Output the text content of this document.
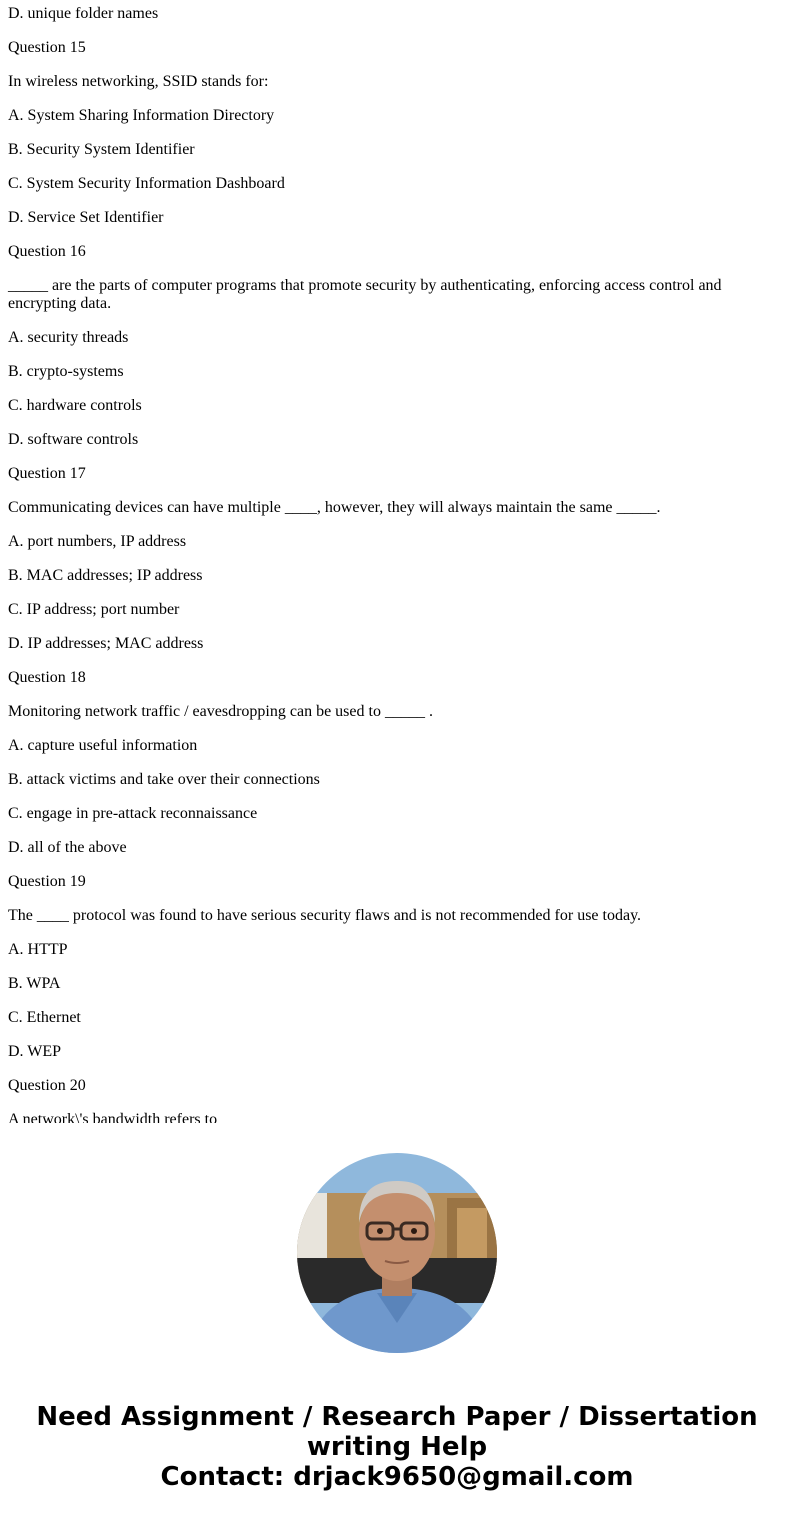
D. unique folder names

Question 15

In wireless networking, SSID stands for:

A. System Sharing Information Directory

B. Security System Identifier

C. System Security Information Dashboard

D. Service Set Identifier

Question 16

_____ are the parts of computer programs that promote security by authenticating, enforcing access control and encrypting data.

A. security threads

B. crypto-systems

C. hardware controls

D. software controls

Question 17

Communicating devices can have multiple ____, however, they will always maintain the same _____.

A. port numbers, IP address

B. MAC addresses; IP address

C. IP address; port number

D. IP addresses; MAC address

Question 18

Monitoring network traffic / eavesdropping can be used to _____ .

A. capture useful information

B. attack victims and take over their connections

C. engage in pre-attack reconnaissance

D. all of the above

Question 19

The ____ protocol was found to have serious security flaws and is not recommended for use today.

A. HTTP

B. WPA

C. Ethernet

D. WEP

Question 20

A network\'s bandwidth refers to

Need Assignment / Research Paper / Dissertation
writing Help
Contact: drjack9650@gmail.com
